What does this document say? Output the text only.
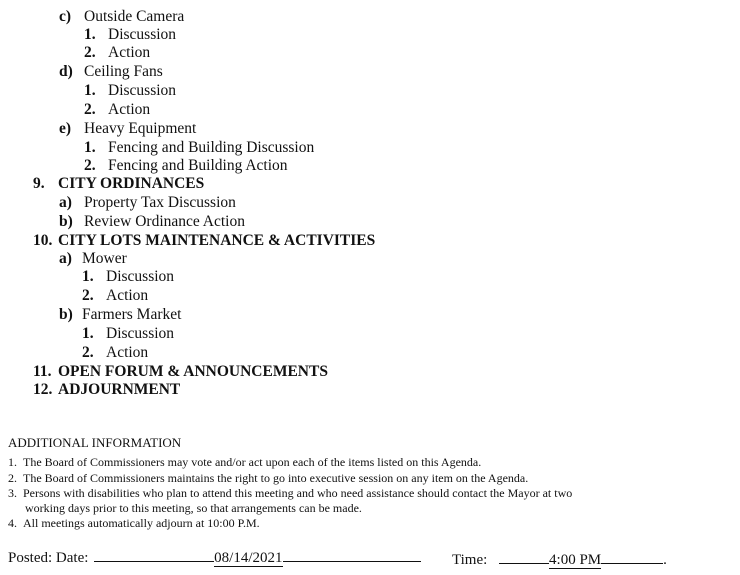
c) Outside Camera
1. Discussion
2. Action
d) Ceiling Fans
1. Discussion
2. Action
e) Heavy Equipment
1. Fencing and Building Discussion
2. Fencing and Building Action
9. CITY ORDINANCES
a) Property Tax Discussion
b) Review Ordinance Action
10. CITY LOTS MAINTENANCE & ACTIVITIES
a) Mower
1. Discussion
2. Action
b) Farmers Market
1. Discussion
2. Action
11. OPEN FORUM & ANNOUNCEMENTS
12. ADJOURNMENT
ADDITIONAL INFORMATION
1. The Board of Commissioners may vote and/or act upon each of the items listed on this Agenda.
2. The Board of Commissioners maintains the right to go into executive session on any item on the Agenda.
3. Persons with disabilities who plan to attend this meeting and who need assistance should contact the Mayor at two
working days prior to this meeting, so that arrangements can be made.
4. All meetings automatically adjourn at 10:00 P.M.
Posted: Date:	08/14/2021	Time:	4:00 PM	.
